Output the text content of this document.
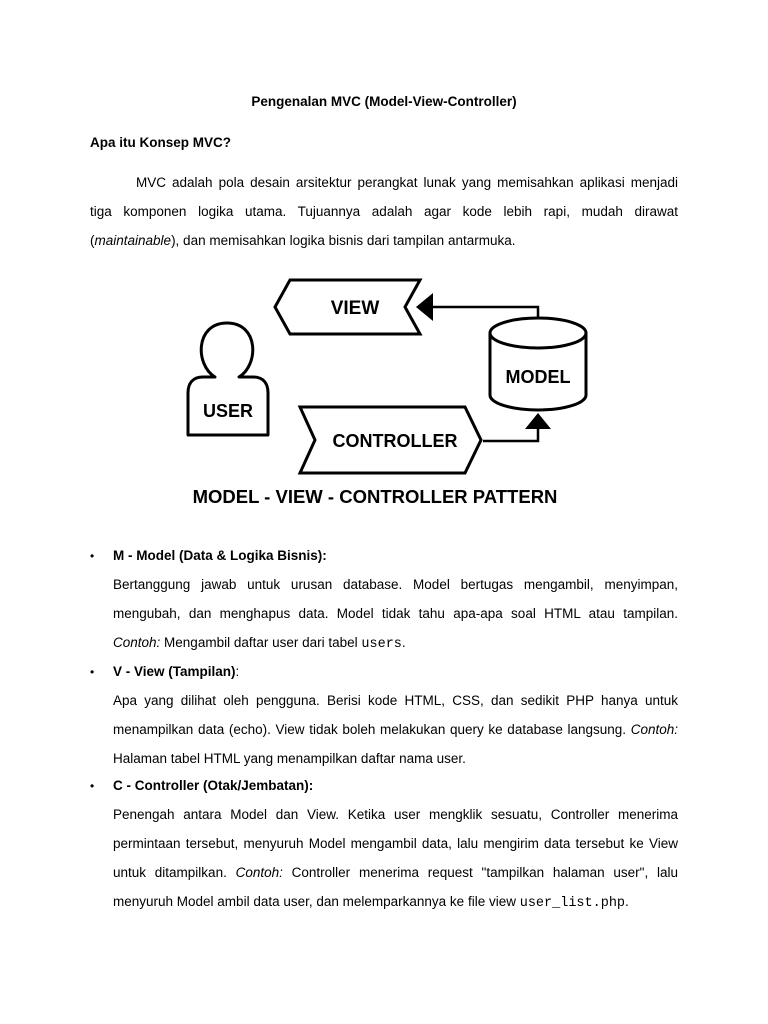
Pengenalan MVC (Model-View-Controller)
Apa itu Konsep MVC?

MVC adalah pola desain arsitektur perangkat lunak yang memisahkan aplikasi menjadi tiga komponen logika utama. Tujuannya adalah agar kode lebih rapi, mudah dirawat (maintainable), dan memisahkan logika bisnis dari tampilan antarmuka.

VIEW
MODEL
USER
CONTROLLER
MODEL - VIEW - CONTROLLER PATTERN
• M - Model (Data & Logika Bisnis):

Bertanggung jawab untuk urusan database. Model bertugas mengambil, menyimpan, mengubah, dan menghapus data. Model tidak tahu apa-apa soal HTML atau tampilan. Contoh: Mengambil daftar user dari tabel users.

• V - View (Tampilan):

Apa yang dilihat oleh pengguna. Berisi kode HTML, CSS, dan sedikit PHP hanya untuk menampilkan data (echo). View tidak boleh melakukan query ke database langsung. Contoh: Halaman tabel HTML yang menampilkan daftar nama user.

• C - Controller (Otak/Jembatan):

Penengah antara Model dan View. Ketika user mengklik sesuatu, Controller menerima permintaan tersebut, menyuruh Model mengambil data, lalu mengirim data tersebut ke View untuk ditampilkan. Contoh: Controller menerima request "tampilkan halaman user", lalu menyuruh Model ambil data user, dan melemparkannya ke file view user_list.php.
